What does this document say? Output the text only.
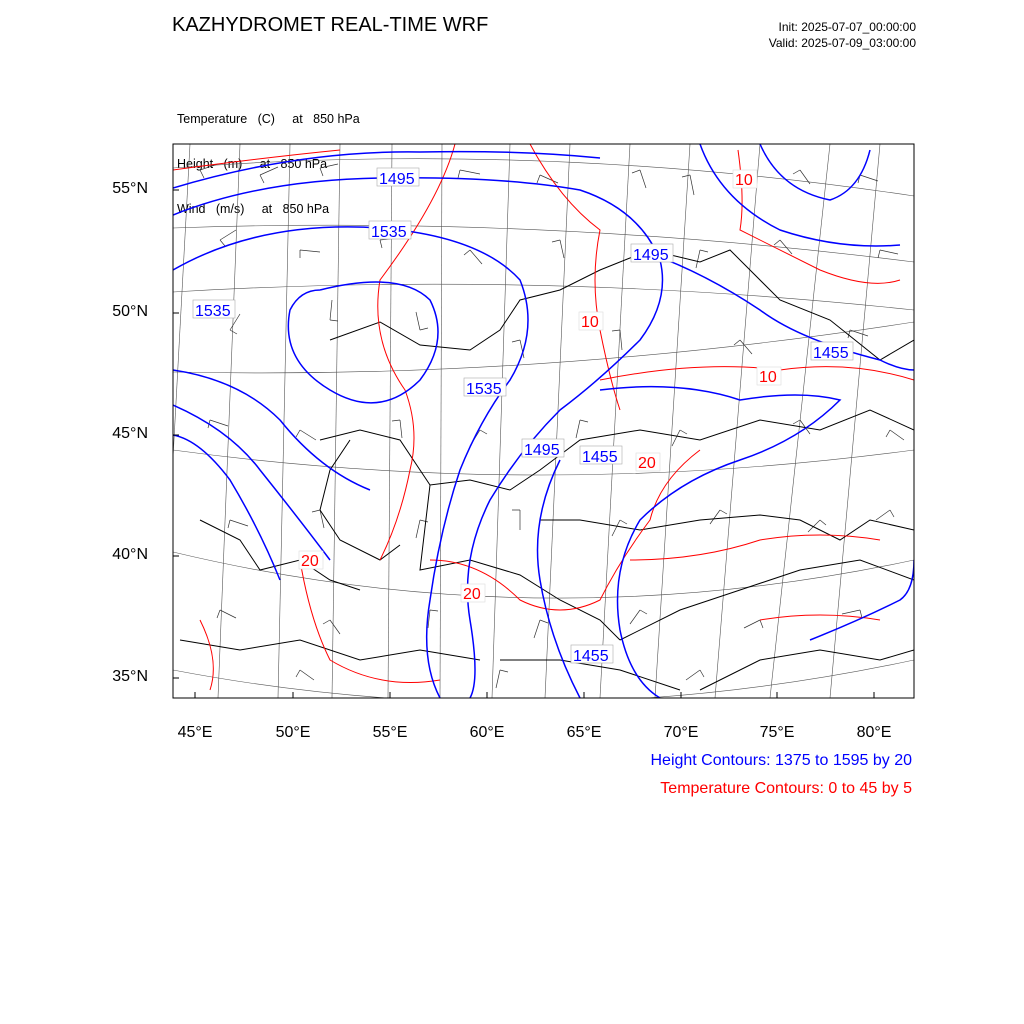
KAZHYDROMET REAL-TIME WRF	Init: 2025-07-07_00:00:00
Valid: 2025-07-09_03:00:00

Temperature   (C)     at   850 hPa

Height   (m)     at   850 hPa

Wind   (m/s)     at   850 hPa

1495
1535
1535
1495
1455
1535
1495 1455
1455
10
10
10
20
20
20
55°N
50°N
45°N
40°N
35°N
45°E	50°E	55°E	60°E	65°E	70°E	75°E	80°E
Height Contours: 1375 to 1595 by 20
Temperature Contours: 0 to 45 by 5
